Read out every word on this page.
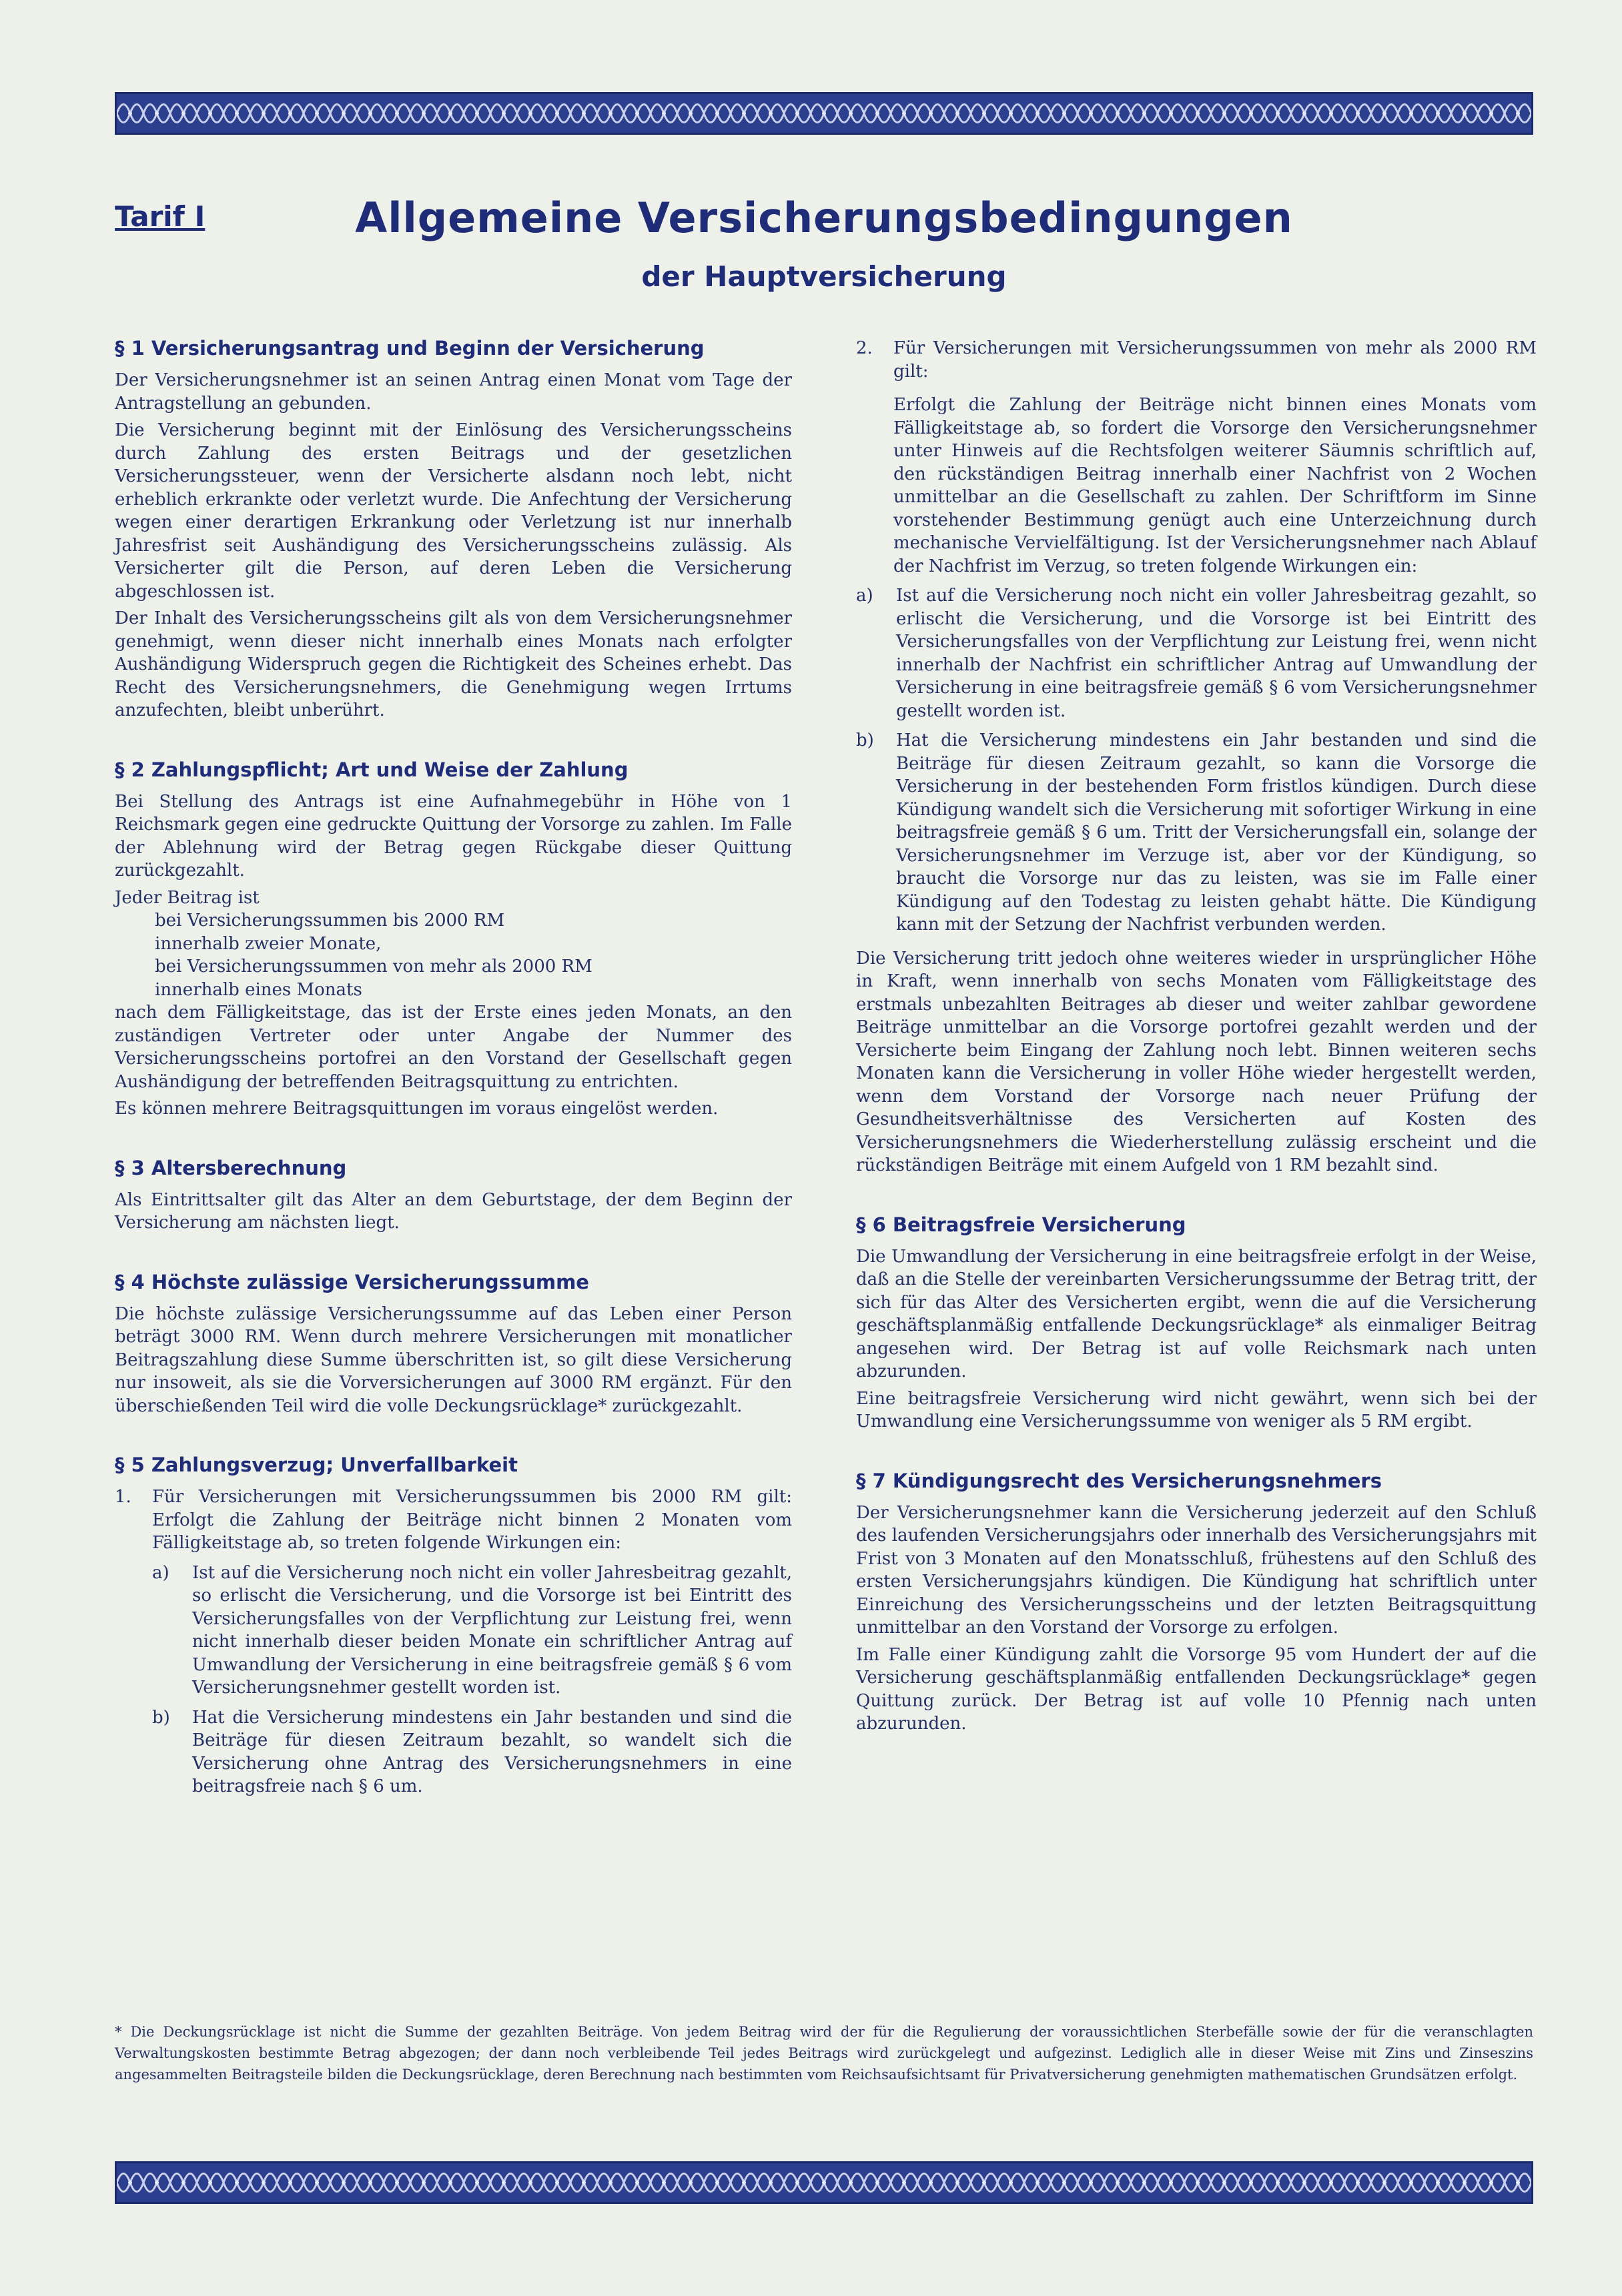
Tarif I	Allgemeine Versicherungsbedingungen
der Hauptversicherung
§ 1 Versicherungsantrag und Beginn der Versicherung

Der Versicherungsnehmer ist an seinen Antrag einen Monat vom Tage der Antragstellung an gebunden.

Die Versicherung beginnt mit der Einlösung des Versicherungsscheins durch Zahlung des ersten Beitrags und der gesetzlichen Versicherungssteuer, wenn der Versicherte alsdann noch lebt, nicht erheblich erkrankte oder verletzt wurde. Die Anfechtung der Versicherung wegen einer derartigen Erkrankung oder Verletzung ist nur innerhalb Jahresfrist seit Aushändigung des Versicherungsscheins zulässig. Als Versicherter gilt die Person, auf deren Leben die Versicherung abgeschlossen ist.

Der Inhalt des Versicherungsscheins gilt als von dem Versicherungsnehmer genehmigt, wenn dieser nicht innerhalb eines Monats nach erfolgter Aushändigung Widerspruch gegen die Richtigkeit des Scheines erhebt. Das Recht des Versicherungsnehmers, die Genehmigung wegen Irrtums anzufechten, bleibt unberührt.

§ 2 Zahlungspflicht; Art und Weise der Zahlung

Bei Stellung des Antrags ist eine Aufnahmegebühr in Höhe von 1 Reichsmark gegen eine gedruckte Quittung der Vorsorge zu zahlen. Im Falle der Ablehnung wird der Betrag gegen Rückgabe dieser Quittung zurückgezahlt.

Jeder Beitrag ist

bei Versicherungssummen bis 2000 RM

innerhalb zweier Monate,

bei Versicherungssummen von mehr als 2000 RM

innerhalb eines Monats

nach dem Fälligkeitstage, das ist der Erste eines jeden Monats, an den zuständigen Vertreter oder unter Angabe der Nummer des Versicherungsscheins portofrei an den Vorstand der Gesellschaft gegen Aushändigung der betreffenden Beitragsquittung zu entrichten.

Es können mehrere Beitragsquittungen im voraus eingelöst werden.

§ 3 Altersberechnung

Als Eintrittsalter gilt das Alter an dem Geburtstage, der dem Beginn der Versicherung am nächsten liegt.

§ 4 Höchste zulässige Versicherungssumme

Die höchste zulässige Versicherungssumme auf das Leben einer Person beträgt 3000 RM. Wenn durch mehrere Versicherungen mit monatlicher Beitragszahlung diese Summe überschritten ist, so gilt diese Versicherung nur insoweit, als sie die Vorversicherungen auf 3000 RM ergänzt. Für den überschießenden Teil wird die volle Deckungsrücklage* zurückgezahlt.

§ 5 Zahlungsverzug; Unverfallbarkeit
1.	Für Versicherungen mit Versicherungssummen bis 2000 RM gilt: Erfolgt die Zahlung der Beiträge nicht binnen 2 Monaten vom Fälligkeitstage ab, so treten folgende Wirkungen ein:

a)	Ist auf die Versicherung noch nicht ein voller Jahresbeitrag gezahlt, so erlischt die Versicherung, und die Vorsorge ist bei Eintritt des Versicherungsfalles von der Verpflichtung zur Leistung frei, wenn nicht innerhalb dieser beiden Monate ein schriftlicher Antrag auf Umwandlung der Versicherung in eine beitragsfreie gemäß § 6 vom Versicherungsnehmer gestellt worden ist.

b)	Hat die Versicherung mindestens ein Jahr bestanden und sind die Beiträge für diesen Zeitraum bezahlt, so wandelt sich die Versicherung ohne Antrag des Versicherungsnehmers in eine beitragsfreie nach § 6 um.

2.	Für Versicherungen mit Versicherungssummen von mehr als 2000 RM gilt:

Erfolgt die Zahlung der Beiträge nicht binnen eines Monats vom Fälligkeitstage ab, so fordert die Vorsorge den Versicherungsnehmer unter Hinweis auf die Rechtsfolgen weiterer Säumnis schriftlich auf, den rückständigen Beitrag innerhalb einer Nachfrist von 2 Wochen unmittelbar an die Gesellschaft zu zahlen. Der Schriftform im Sinne vorstehender Bestimmung genügt auch eine Unterzeichnung durch mechanische Vervielfältigung. Ist der Versicherungsnehmer nach Ablauf der Nachfrist im Verzug, so treten folgende Wirkungen ein:

a)	Ist auf die Versicherung noch nicht ein voller Jahresbeitrag gezahlt, so erlischt die Versicherung, und die Vorsorge ist bei Eintritt des Versicherungsfalles von der Verpflichtung zur Leistung frei, wenn nicht innerhalb der Nachfrist ein schriftlicher Antrag auf Umwandlung der Versicherung in eine beitragsfreie gemäß § 6 vom Versicherungsnehmer gestellt worden ist.

b)	Hat die Versicherung mindestens ein Jahr bestanden und sind die Beiträge für diesen Zeitraum gezahlt, so kann die Vorsorge die Versicherung in der bestehenden Form fristlos kündigen. Durch diese Kündigung wandelt sich die Versicherung mit sofortiger Wirkung in eine beitragsfreie gemäß § 6 um. Tritt der Versicherungsfall ein, solange der Versicherungsnehmer im Verzuge ist, aber vor der Kündigung, so braucht die Vorsorge nur das zu leisten, was sie im Falle einer Kündigung auf den Todestag zu leisten gehabt hätte. Die Kündigung kann mit der Setzung der Nachfrist verbunden werden.

Die Versicherung tritt jedoch ohne weiteres wieder in ursprünglicher Höhe in Kraft, wenn innerhalb von sechs Monaten vom Fälligkeitstage des erstmals unbezahlten Beitrages ab dieser und weiter zahlbar gewordene Beiträge unmittelbar an die Vorsorge portofrei gezahlt werden und der Versicherte beim Eingang der Zahlung noch lebt. Binnen weiteren sechs Monaten kann die Versicherung in voller Höhe wieder hergestellt werden, wenn dem Vorstand der Vorsorge nach neuer Prüfung der Gesundheitsverhältnisse des Versicherten auf Kosten des Versicherungsnehmers die Wiederherstellung zulässig erscheint und die rückständigen Beiträge mit einem Aufgeld von 1 RM bezahlt sind.

§ 6 Beitragsfreie Versicherung

Die Umwandlung der Versicherung in eine beitragsfreie erfolgt in der Weise, daß an die Stelle der vereinbarten Versicherungssumme der Betrag tritt, der sich für das Alter des Versicherten ergibt, wenn die auf die Versicherung geschäftsplanmäßig entfallende Deckungsrücklage* als einmaliger Beitrag angesehen wird. Der Betrag ist auf volle Reichsmark nach unten abzurunden.

Eine beitragsfreie Versicherung wird nicht gewährt, wenn sich bei der Umwandlung eine Versicherungssumme von weniger als 5 RM ergibt.

§ 7 Kündigungsrecht des Versicherungsnehmers

Der Versicherungsnehmer kann die Versicherung jederzeit auf den Schluß des laufenden Versicherungsjahrs oder innerhalb des Versicherungsjahrs mit Frist von 3 Monaten auf den Monatsschluß, frühestens auf den Schluß des ersten Versicherungsjahrs kündigen. Die Kündigung hat schriftlich unter Einreichung des Versicherungsscheins und der letzten Beitragsquittung unmittelbar an den Vorstand der Vorsorge zu erfolgen.

Im Falle einer Kündigung zahlt die Vorsorge 95 vom Hundert der auf die Versicherung geschäftsplanmäßig entfallenden Deckungsrücklage* gegen Quittung zurück. Der Betrag ist auf volle 10 Pfennig nach unten abzurunden.

* Die Deckungsrücklage ist nicht die Summe der gezahlten Beiträge. Von jedem Beitrag wird der für die Regulierung der voraussichtlichen Sterbefälle sowie der für die veranschlagten Verwaltungskosten bestimmte Betrag abgezogen; der dann noch verbleibende Teil jedes Beitrags wird zurückgelegt und aufgezinst. Lediglich alle in dieser Weise mit Zins und Zinseszins angesammelten Beitragsteile bilden die Deckungsrücklage, deren Berechnung nach bestimmten vom Reichsaufsichtsamt für Privatversicherung genehmigten mathematischen Grundsätzen erfolgt.
